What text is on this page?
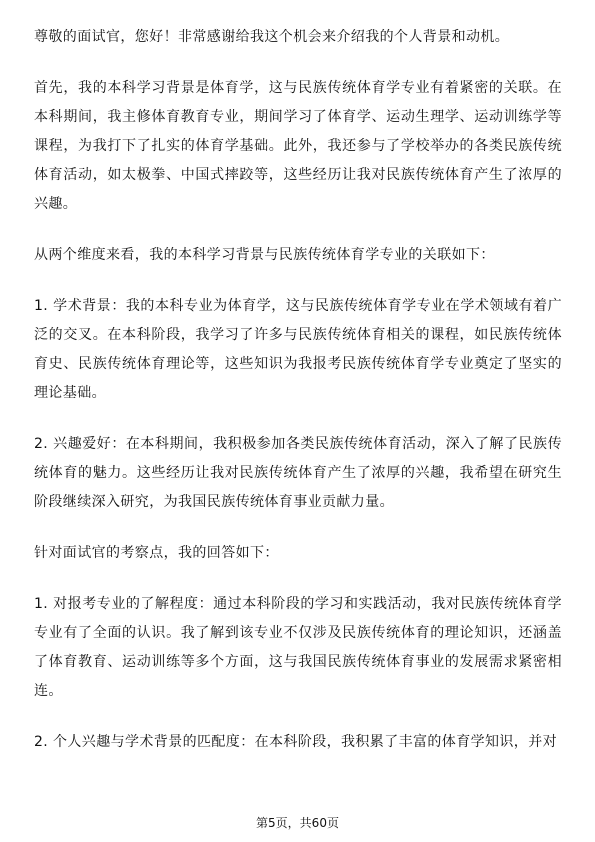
尊敬的面试官，您好！非常感谢给我这个机会来介绍我的个人背景和动机。

首先，我的本科学习背景是体育学，这与民族传统体育学专业有着紧密的关联。在本科期间，我主修体育教育专业，期间学习了体育学、运动生理学、运动训练学等课程，为我打下了扎实的体育学基础。此外，我还参与了学校举办的各类民族传统体育活动，如太极拳、中国式摔跤等，这些经历让我对民族传统体育产生了浓厚的兴趣。

从两个维度来看，我的本科学习背景与民族传统体育学专业的关联如下：

1. 学术背景：我的本科专业为体育学，这与民族传统体育学专业在学术领域有着广泛的交叉。在本科阶段，我学习了许多与民族传统体育相关的课程，如民族传统体育史、民族传统体育理论等，这些知识为我报考民族传统体育学专业奠定了坚实的理论基础。

2. 兴趣爱好：在本科期间，我积极参加各类民族传统体育活动，深入了解了民族传统体育的魅力。这些经历让我对民族传统体育产生了浓厚的兴趣，我希望在研究生阶段继续深入研究，为我国民族传统体育事业贡献力量。

针对面试官的考察点，我的回答如下：

1. 对报考专业的了解程度：通过本科阶段的学习和实践活动，我对民族传统体育学专业有了全面的认识。我了解到该专业不仅涉及民族传统体育的理论知识，还涵盖了体育教育、运动训练等多个方面，这与我国民族传统体育事业的发展需求紧密相连。

2. 个人兴趣与学术背景的匹配度：在本科阶段，我积累了丰富的体育学知识，并对

第5页，共60页
